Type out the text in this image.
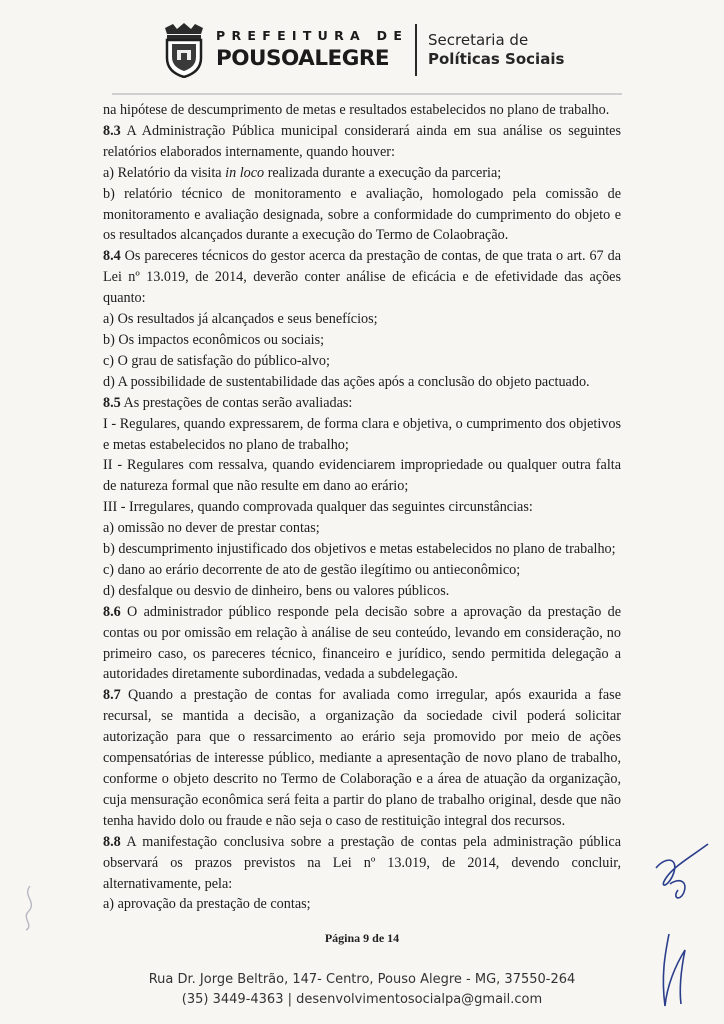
PREFEITURA DE
POUSOALEGRE
Secretaria de
Políticas Sociais

na hipótese de descumprimento de metas e resultados estabelecidos no plano de trabalho.

8.3 A Administração Pública municipal considerará ainda em sua análise os seguintes relatórios elaborados internamente, quando houver:

a) Relatório da visita in loco realizada durante a execução da parceria;

b) relatório técnico de monitoramento e avaliação, homologado pela comissão de monitoramento e avaliação designada, sobre a conformidade do cumprimento do objeto e os resultados alcançados durante a execução do Termo de Colaobração.

8.4 Os pareceres técnicos do gestor acerca da prestação de contas, de que trata o art. 67 da Lei nº 13.019, de 2014, deverão conter análise de eficácia e de efetividade das ações quanto:

a) Os resultados já alcançados e seus benefícios;

b) Os impactos econômicos ou sociais;

c) O grau de satisfação do público-alvo;

d) A possibilidade de sustentabilidade das ações após a conclusão do objeto pactuado.

8.5 As prestações de contas serão avaliadas:

I - Regulares, quando expressarem, de forma clara e objetiva, o cumprimento dos objetivos e metas estabelecidos no plano de trabalho;

II - Regulares com ressalva, quando evidenciarem impropriedade ou qualquer outra falta de natureza formal que não resulte em dano ao erário;

III - Irregulares, quando comprovada qualquer das seguintes circunstâncias:

a) omissão no dever de prestar contas;

b) descumprimento injustificado dos objetivos e metas estabelecidos no plano de trabalho;

c) dano ao erário decorrente de ato de gestão ilegítimo ou antieconômico;

d) desfalque ou desvio de dinheiro, bens ou valores públicos.

8.6 O administrador público responde pela decisão sobre a aprovação da prestação de contas ou por omissão em relação à análise de seu conteúdo, levando em consideração, no primeiro caso, os pareceres técnico, financeiro e jurídico, sendo permitida delegação a autoridades diretamente subordinadas, vedada a subdelegação.

8.7 Quando a prestação de contas for avaliada como irregular, após exaurida a fase recursal, se mantida a decisão, a organização da sociedade civil poderá solicitar autorização para que o ressarcimento ao erário seja promovido por meio de ações compensatórias de interesse público, mediante a apresentação de novo plano de trabalho, conforme o objeto descrito no Termo de Colaboração e a área de atuação da organização, cuja mensuração econômica será feita a partir do plano de trabalho original, desde que não tenha havido dolo ou fraude e não seja o caso de restituição integral dos recursos.

8.8 A manifestação conclusiva sobre a prestação de contas pela administração pública observará os prazos previstos na Lei nº 13.019, de 2014, devendo concluir, alternativamente, pela:

a) aprovação da prestação de contas;

Página 9 de 14
Rua Dr. Jorge Beltrão, 147- Centro, Pouso Alegre - MG, 37550-264
(35) 3449-4363 | desenvolvimentosocialpa@gmail.com
